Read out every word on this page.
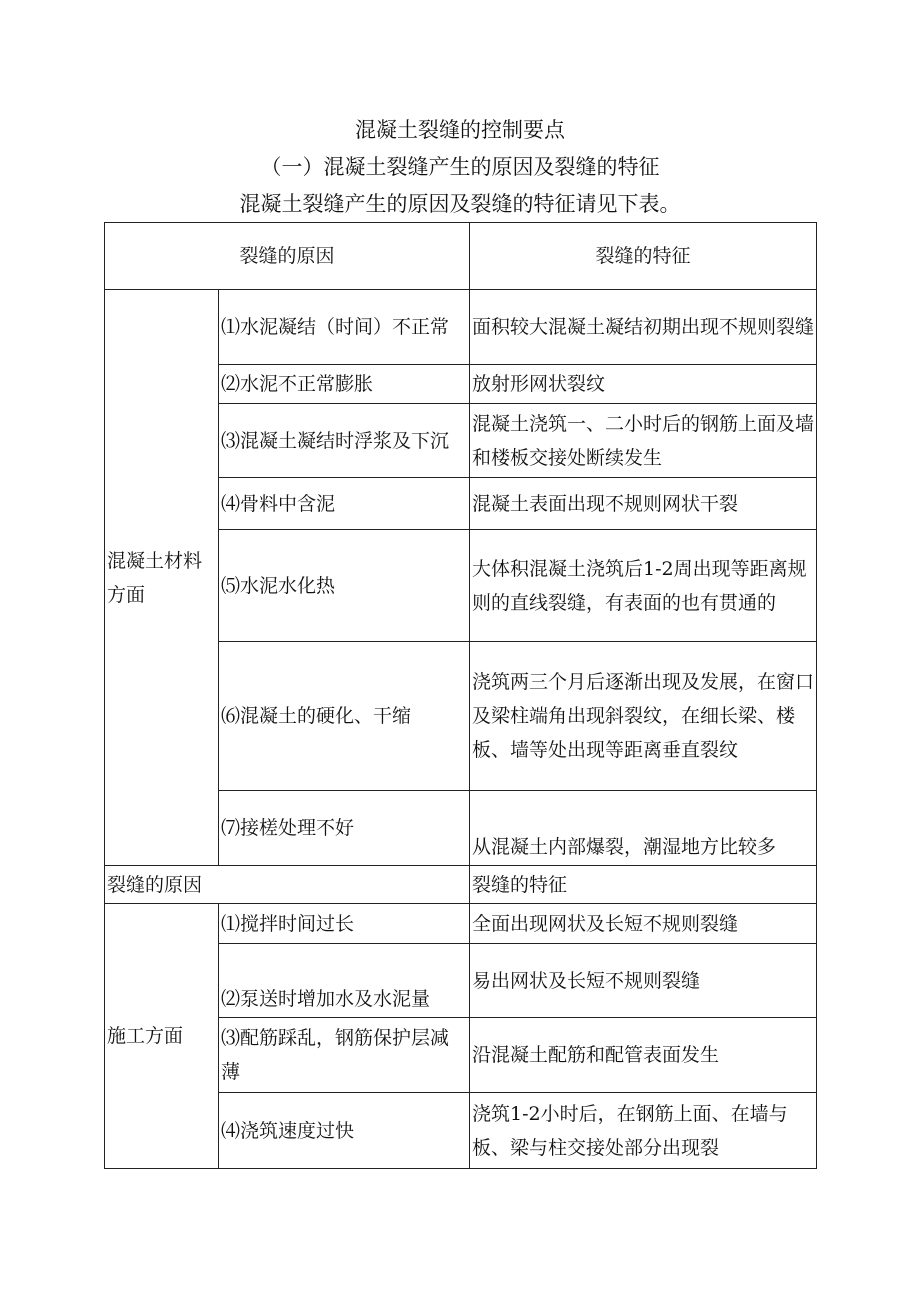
混凝土裂缝的控制要点
（一）混凝土裂缝产生的原因及裂缝的特征
混凝土裂缝产生的原因及裂缝的特征请见下表。
裂缝的原因		裂缝的特征
混凝土材料方面	⑴水泥凝结（时间）不正常	面积较大混凝土凝结初期出现不规则裂缝
	⑵水泥不正常膨胀	放射形网状裂纹
	⑶混凝土凝结时浮浆及下沉	混凝土浇筑一、二小时后的钢筋上面及墙和楼板交接处断续发生
	⑷骨料中含泥	混凝土表面出现不规则网状干裂
	⑸水泥水化热	大体积混凝土浇筑后1-2周出现等距离规则的直线裂缝，有表面的也有贯通的
	⑹混凝土的硬化、干缩	浇筑两三个月后逐渐出现及发展，在窗口及梁柱端角出现斜裂纹，在细长梁、楼板、墙等处出现等距离垂直裂纹
	⑺接槎处理不好	从混凝土内部爆裂，潮湿地方比较多
裂缝的原因		裂缝的特征
施工方面	⑴搅拌时间过长	全面出现网状及长短不规则裂缝
	⑵泵送时增加水及水泥量	易出网状及长短不规则裂缝
	⑶配筋踩乱，钢筋保护层减薄	沿混凝土配筋和配管表面发生
	⑷浇筑速度过快	浇筑1-2小时后，在钢筋上面、在墙与板、梁与柱交接处部分出现裂
